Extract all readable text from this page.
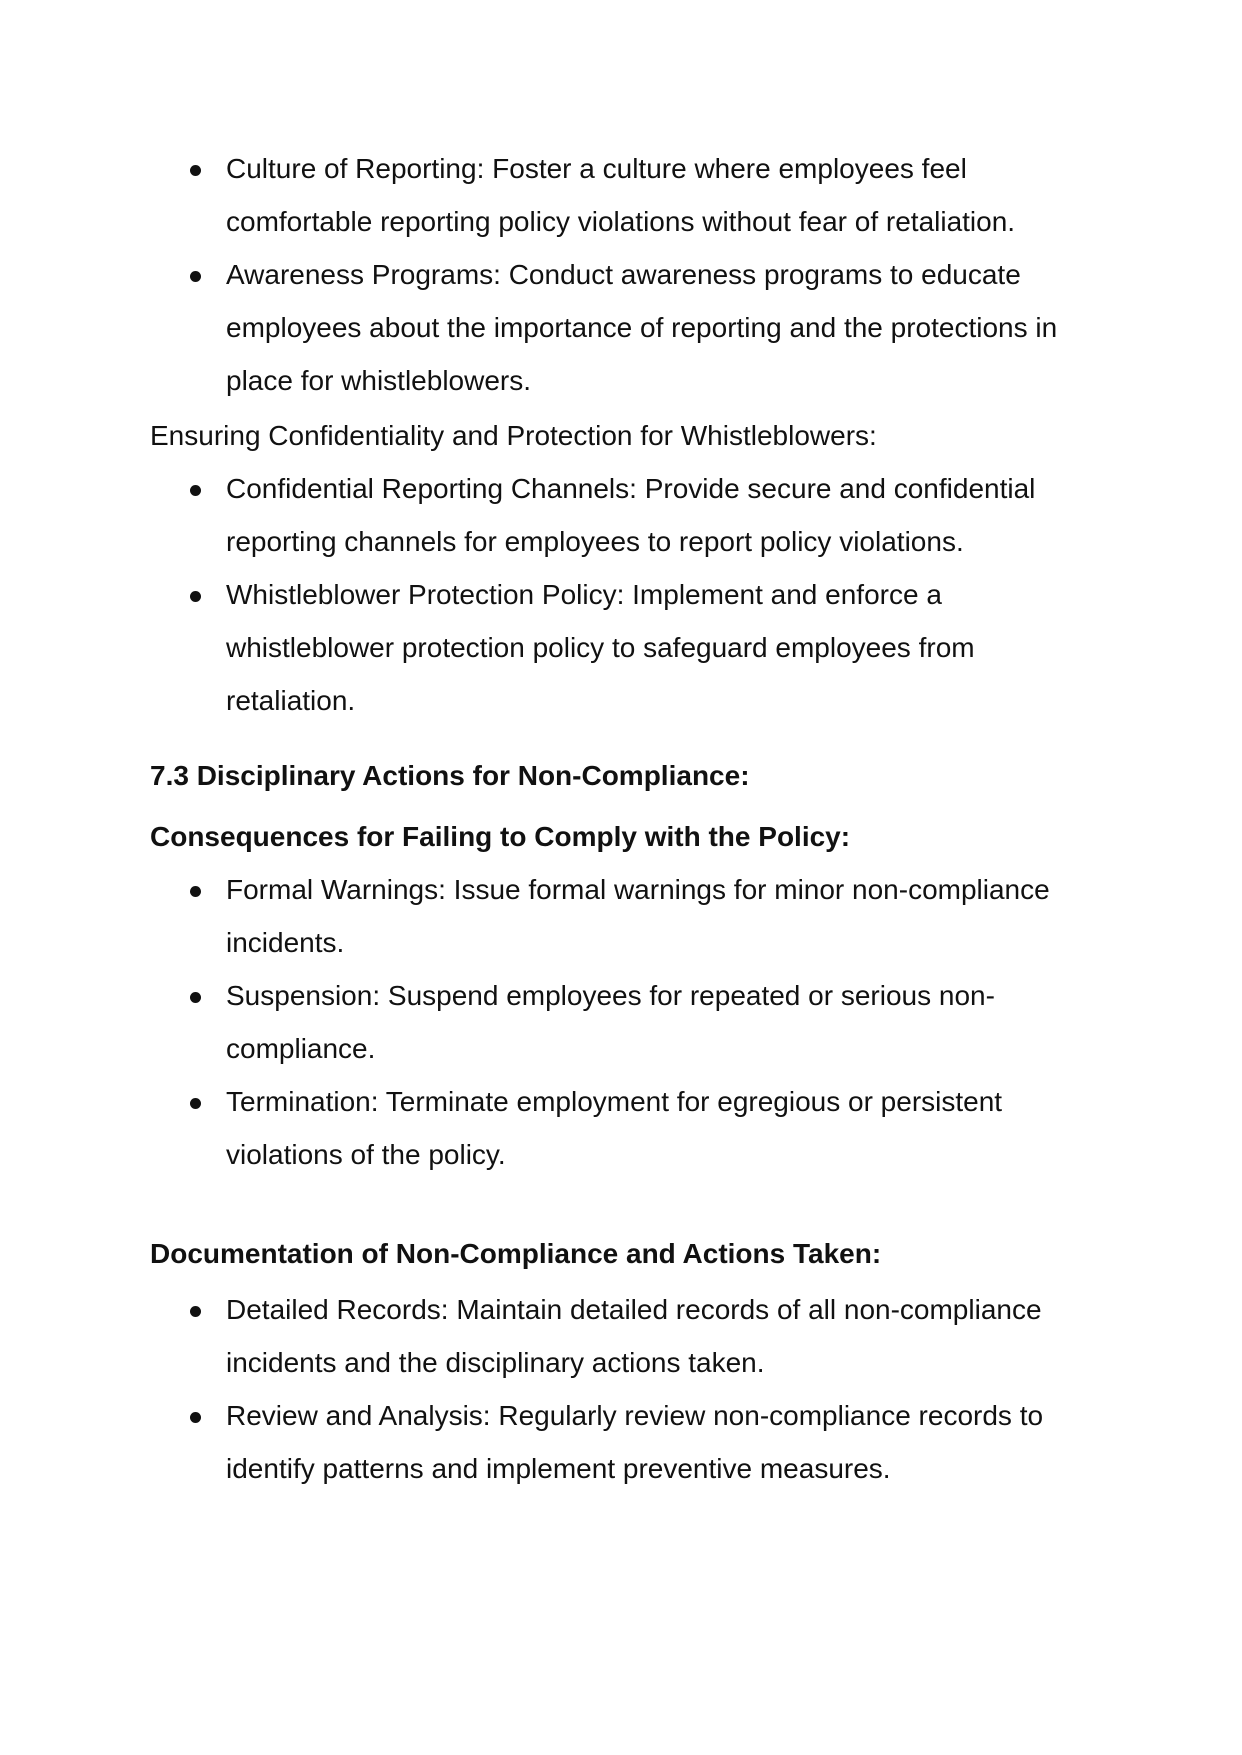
Culture of Reporting: Foster a culture where employees feel comfortable reporting policy violations without fear of retaliation.
Awareness Programs: Conduct awareness programs to educate employees about the importance of reporting and the protections in place for whistleblowers.

Ensuring Confidentiality and Protection for Whistleblowers:

Confidential Reporting Channels: Provide secure and confidential reporting channels for employees to report policy violations.
Whistleblower Protection Policy: Implement and enforce a whistleblower protection policy to safeguard employees from retaliation.
7.3 Disciplinary Actions for Non-Compliance:
Consequences for Failing to Comply with the Policy:
Formal Warnings: Issue formal warnings for minor non-compliance incidents.
Suspension: Suspend employees for repeated or serious non-compliance.
Termination: Terminate employment for egregious or persistent violations of the policy.
Documentation of Non-Compliance and Actions Taken:
Detailed Records: Maintain detailed records of all non-compliance incidents and the disciplinary actions taken.
Review and Analysis: Regularly review non-compliance records to identify patterns and implement preventive measures.
